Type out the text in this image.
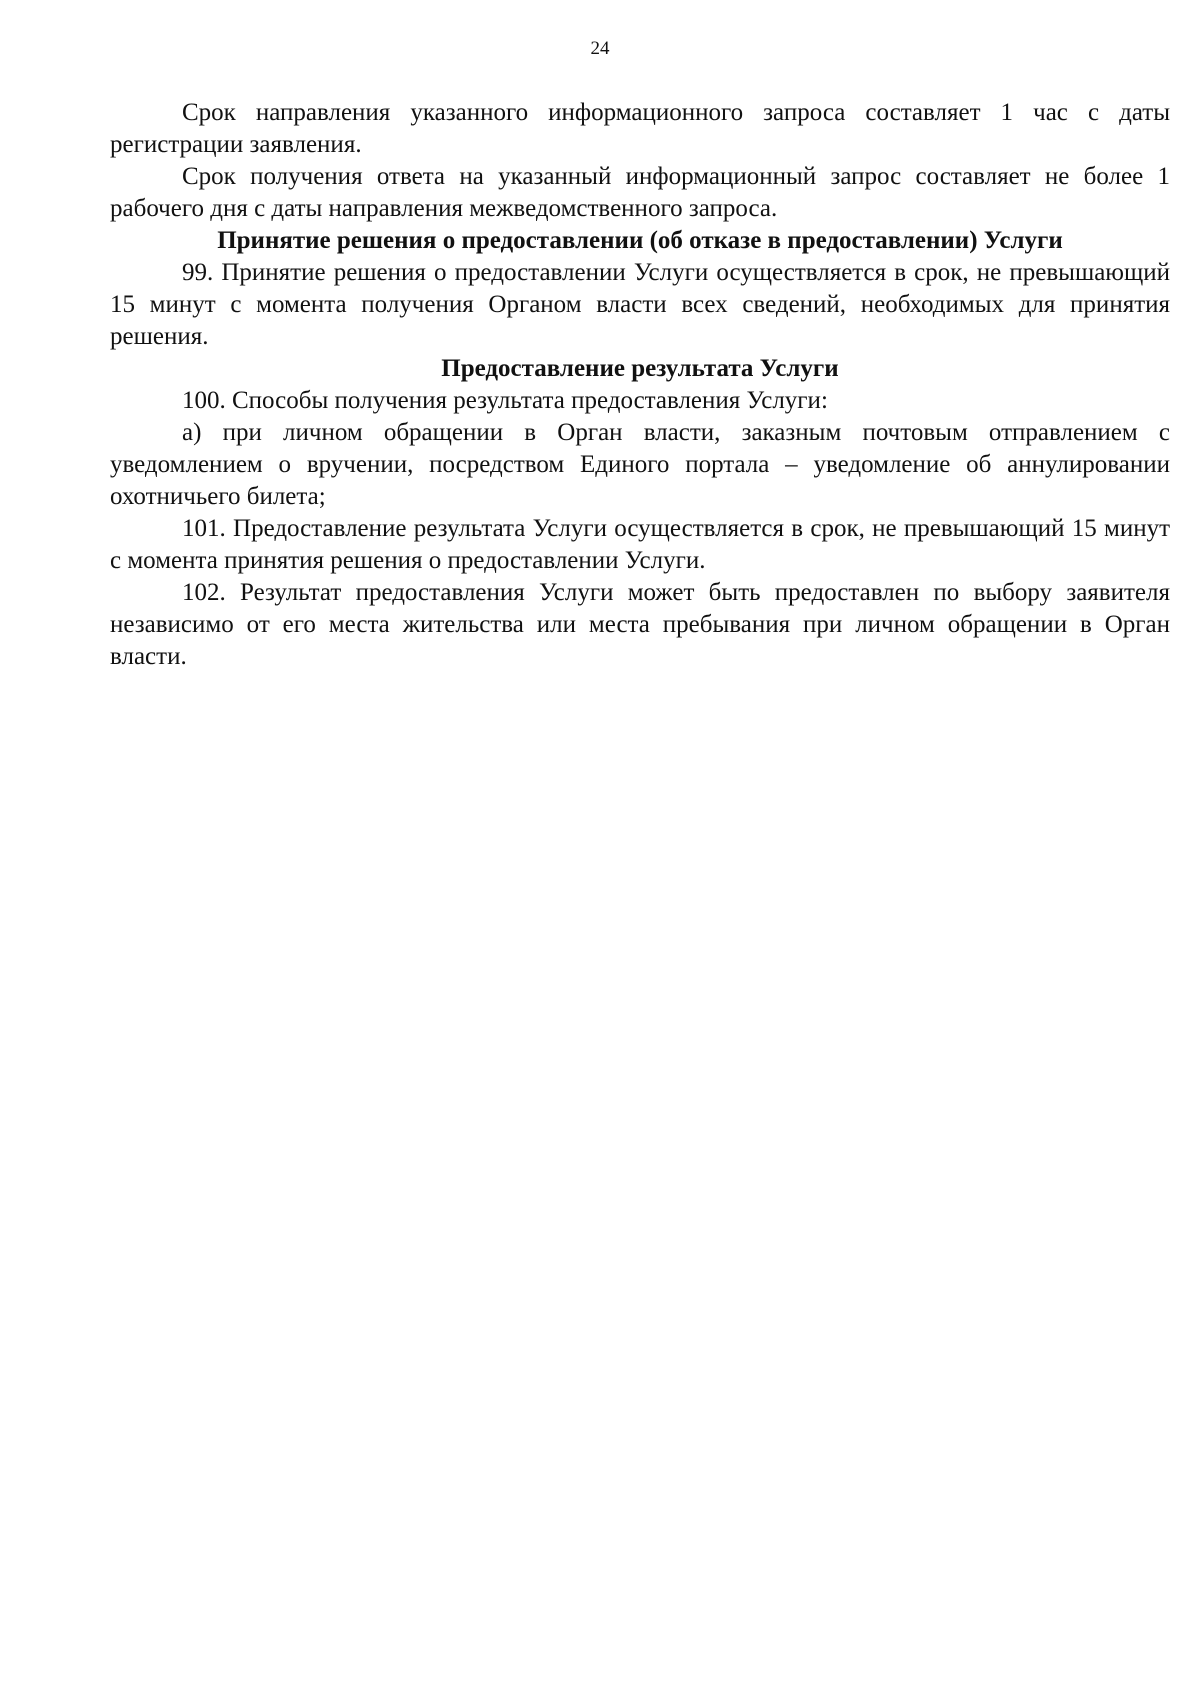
24

Срок направления указанного информационного запроса составляет 1 час с даты регистрации заявления.

Срок получения ответа на указанный информационный запрос составляет не более 1 рабочего дня с даты направления межведомственного запроса.

Принятие решения о предоставлении (об отказе в предоставлении) Услуги

99. Принятие решения о предоставлении Услуги осуществляется в срок, не превышающий 15 минут с момента получения Органом власти всех сведений, необходимых для принятия решения.

Предоставление результата Услуги

100. Способы получения результата предоставления Услуги:

а) при личном обращении в Орган власти, заказным почтовым отправлением с уведомлением о вручении, посредством Единого портала – уведомление об аннулировании охотничьего билета;

101. Предоставление результата Услуги осуществляется в срок, не превышающий 15 минут с момента принятия решения о предоставлении Услуги.

102. Результат предоставления Услуги может быть предоставлен по выбору заявителя независимо от его места жительства или места пребывания при личном обращении в Орган власти.
